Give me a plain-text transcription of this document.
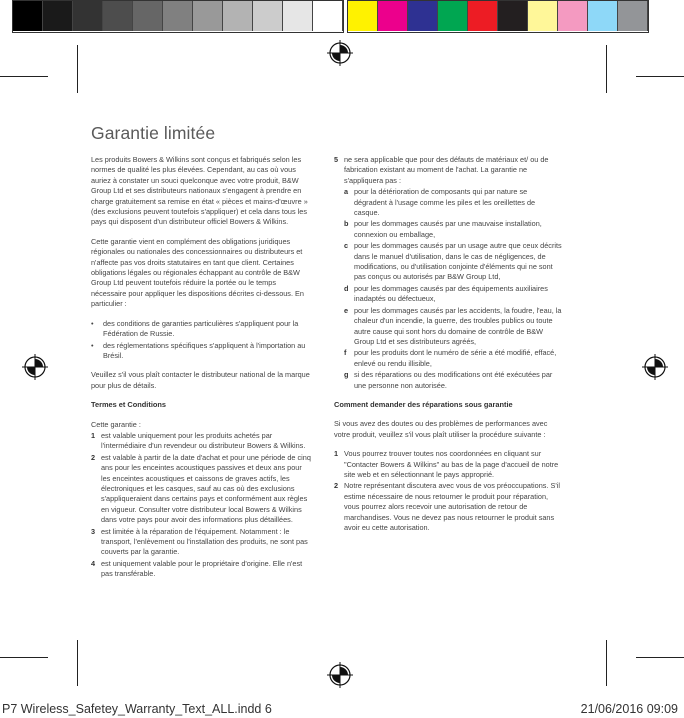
Garantie limitée

Les produits Bowers & Wilkins sont conçus et fabriqués selon les normes de qualité les plus élevées. Cependant, au cas où vous auriez à constater un souci quelconque avec votre produit, B&W Group Ltd et ses distributeurs nationaux s'engagent à prendre en charge gratuitement sa remise en état « pièces et mains-d'œuvre » (des exclusions peuvent toutefois s'appliquer) et cela dans tous les pays qui disposent d'un distributeur officiel Bowers & Wilkins.

Cette garantie vient en complément des obligations juridiques régionales ou nationales des concessionnaires ou distributeurs et n'affecte pas vos droits statutaires en tant que client. Certaines obligations légales ou régionales échappant au contrôle de B&W Group Ltd peuvent toutefois réduire la portée ou le temps nécessaire pour appliquer les dispositions décrites ci-dessous. En particulier :

•	des conditions de garanties particulières s'appliquent pour la Fédération de Russie.
•	des réglementations spécifiques s'appliquent à l'importation au Brésil.

Veuillez s'il vous plaît contacter le distributeur national de la marque pour plus de détails.

Termes et Conditions

Cette garantie :

1 est valable uniquement pour les produits achetés par l'intermédiaire d'un revendeur ou distributeur Bowers & Wilkins.
2 est valable à partir de la date d'achat et pour une période de cinq ans pour les enceintes acoustiques passives et deux ans pour les enceintes acoustiques et caissons de graves actifs, les électroniques et les casques, sauf au cas où des exclusions s'appliqueraient dans certains pays et conformément aux règles en vigueur. Consulter votre distributeur local Bowers & Wilkins dans votre pays pour avoir des informations plus détaillées.
3 est limitée à la réparation de l'équipement. Notamment : le transport, l'enlèvement ou l'installation des produits, ne sont pas couverts par la garantie.
4 est uniquement valable pour le propriétaire d'origine. Elle n'est pas transférable.
5 ne sera applicable que pour des défauts de matériaux et/ ou de fabrication existant au moment de l'achat. La garantie ne s'appliquera pas :
a pour la détérioration de composants qui par nature se dégradent à l'usage comme les piles et les oreillettes de casque.
b pour les dommages causés par une mauvaise installation, connexion ou emballage,
c pour les dommages causés par un usage autre que ceux décrits dans le manuel d'utilisation, dans le cas de négligences, de modifications, ou d'utilisation conjointe d'éléments qui ne sont pas conçus ou autorisés par B&W Group Ltd,
d pour les dommages causés par des équipements auxiliaires inadaptés ou défectueux,
e pour les dommages causés par les accidents, la foudre, l'eau, la chaleur d'un incendie, la guerre, des troubles publics ou toute autre cause qui sont hors du domaine de contrôle de B&W Group Ltd et ses distributeurs agréés,
f	pour les produits dont le numéro de série a été modifié, effacé, enlevé ou rendu illisible,
g si des réparations ou des modifications ont été exécutées par une personne non autorisée.
Comment demander des réparations sous garantie

Si vous avez des doutes ou des problèmes de performances avec votre produit, veuillez s'il vous plaît utiliser la procédure suivante :

1 Vous pourrez trouver toutes nos coordonnées en cliquant sur "Contacter Bowers & Wilkins" au bas de la page d'accueil de notre site web et en sélectionnant le pays approprié.
2 Notre représentant discutera avec vous de vos préoccupations. S'il estime nécessaire de nous retourner le produit pour réparation, vous pourrez alors recevoir une autorisation de retour de marchandises. Vous ne devez pas nous retourner le produit sans avoir eu cette autorisation.
P7 Wireless_Safetey_Warranty_Text_ALL.indd 6	21/06/2016 09:09
